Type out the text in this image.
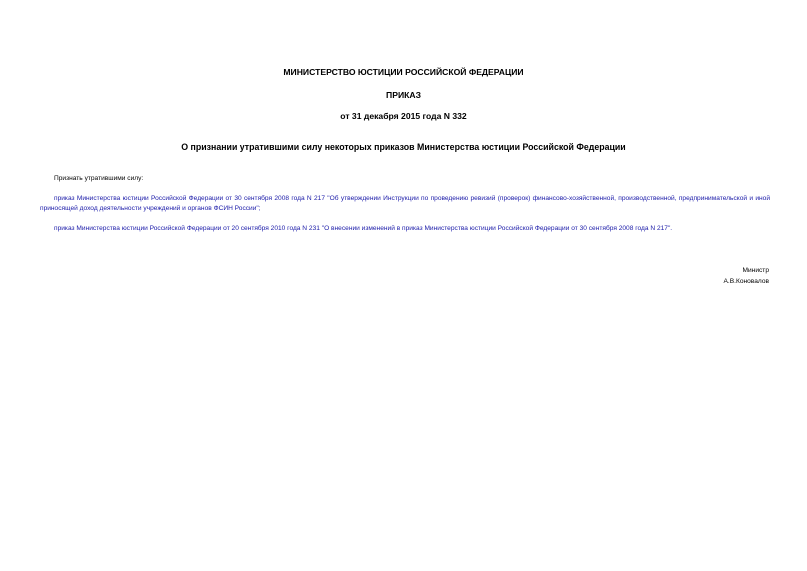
МИНИСТЕРСТВО ЮСТИЦИИ РОССИЙСКОЙ ФЕДЕРАЦИИ
ПРИКАЗ
от 31 декабря 2015 года N 332
О признании утратившими силу некоторых приказов Министерства юстиции Российской Федерации
Признать утратившими силу:
приказ Министерства юстиции Российской Федерации от 30 сентября 2008 года N 217 "Об утверждении Инструкции по проведению ревизий (проверок) финансово-хозяйственной, производственной, предпринимательской и иной приносящей доход деятельности учреждений и органов ФСИН России";
приказ Министерства юстиции Российской Федерации от 20 сентября 2010 года N 231 "О внесении изменений в приказ Министерства юстиции Российской Федерации от 30 сентября 2008 года N 217".
Министр
А.В.Коновалов
